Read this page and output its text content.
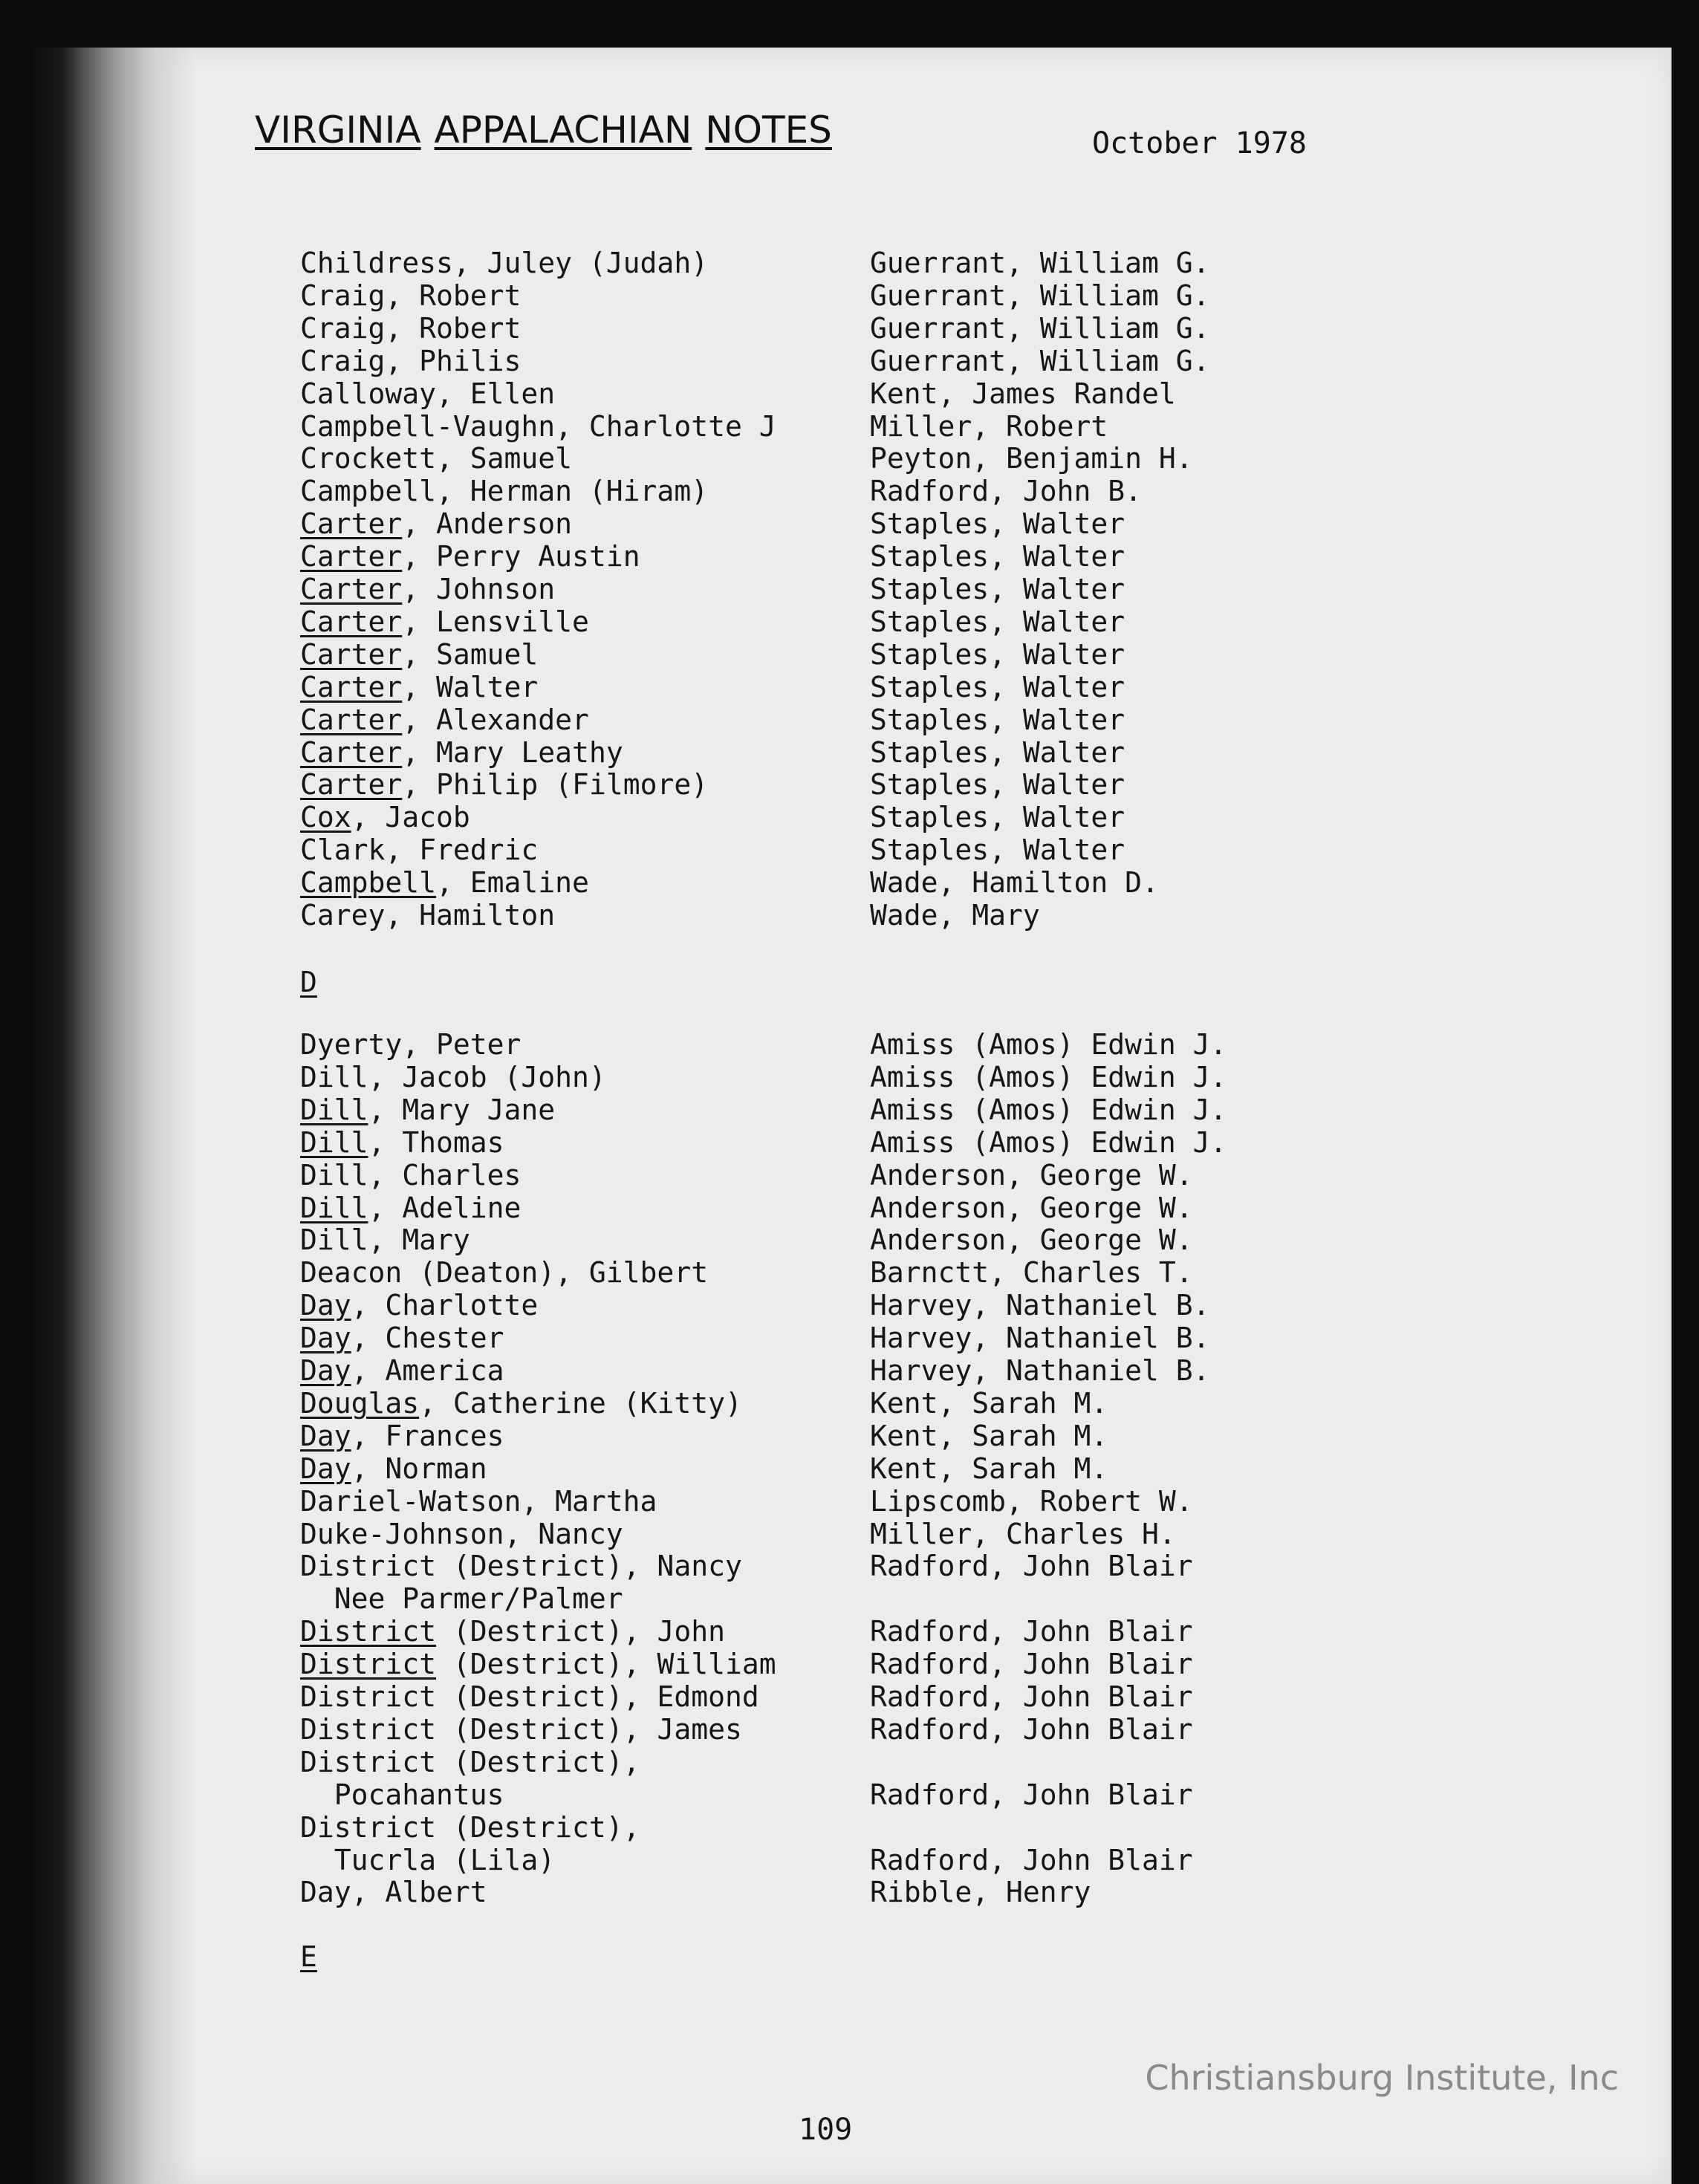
VIRGINIA APPALACHIAN NOTES	October 1978
Childress, Juley (Judah)	Guerrant, William G.
Craig, Robert	Guerrant, William G.
Craig, Robert	Guerrant, William G.
Craig, Philis	Guerrant, William G.
Calloway, Ellen	Kent, James Randel
Campbell-Vaughn, Charlotte J	Miller, Robert
Crockett, Samuel	Peyton, Benjamin H.
Campbell, Herman (Hiram)	Radford, John B.
Carter, Anderson	Staples, Walter
Carter, Perry Austin	Staples, Walter
Carter, Johnson	Staples, Walter
Carter, Lensville	Staples, Walter
Carter, Samuel	Staples, Walter
Carter, Walter	Staples, Walter
Carter, Alexander	Staples, Walter
Carter, Mary Leathy	Staples, Walter
Carter, Philip (Filmore)	Staples, Walter
Cox, Jacob	Staples, Walter
Clark, Fredric	Staples, Walter
Campbell, Emaline	Wade, Hamilton D.
Carey, Hamilton	Wade, Mary
D
Dyerty, Peter	Amiss (Amos) Edwin J.
Dill, Jacob (John)	Amiss (Amos) Edwin J.
Dill, Mary Jane	Amiss (Amos) Edwin J.
Dill, Thomas	Amiss (Amos) Edwin J.
Dill, Charles	Anderson, George W.
Dill, Adeline	Anderson, George W.
Dill, Mary	Anderson, George W.
Deacon (Deaton), Gilbert	Barnctt, Charles T.
Day, Charlotte	Harvey, Nathaniel B.
Day, Chester	Harvey, Nathaniel B.
Day, America	Harvey, Nathaniel B.
Douglas, Catherine (Kitty)	Kent, Sarah M.
Day, Frances	Kent, Sarah M.
Day, Norman	Kent, Sarah M.
Dariel-Watson, Martha	Lipscomb, Robert W.
Duke-Johnson, Nancy	Miller, Charles H.
District (Destrict), Nancy	Radford, John Blair
Nee Parmer/Palmer
District (Destrict), John	Radford, John Blair
District (Destrict), William	Radford, John Blair
District (Destrict), Edmond	Radford, John Blair
District (Destrict), James	Radford, John Blair
District (Destrict),
Pocahantus	Radford, John Blair
District (Destrict),
Tucrla (Lila)	Radford, John Blair
Day, Albert	Ribble, Henry
E
109
Christiansburg Institute, Inc
